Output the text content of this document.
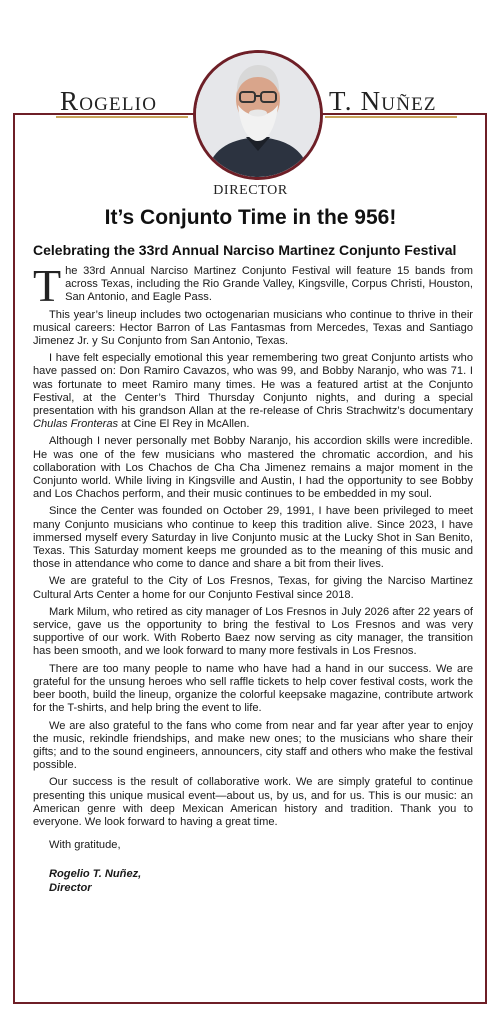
Rogelio	T. Nuñez
DIRECTOR
It’s Conjunto Time in the 956!
Celebrating the 33rd Annual Narciso Martinez Conjunto Festival

The 33rd Annual Narciso Martinez Conjunto Festival will feature 15 bands from across Texas, including the Rio Grande Valley, Kingsville, Corpus Christi, Houston, San Antonio, and Eagle Pass.

This year’s lineup includes two octogenarian musicians who continue to thrive in their musical careers: Hector Barron of Las Fantasmas from Mercedes, Texas and Santiago Jimenez Jr. y Su Conjunto from San Antonio, Texas.

I have felt especially emotional this year remembering two great Conjunto artists who have passed on: Don Ramiro Cavazos, who was 99, and Bobby Naranjo, who was 71. I was fortunate to meet Ramiro many times. He was a featured artist at the Conjunto Festival, at the Center’s Third Thursday Conjunto nights, and during a special presentation with his grandson Allan at the re-release of Chris Strachwitz’s documentary Chulas Fronteras at Cine El Rey in McAllen.

Although I never personally met Bobby Naranjo, his accordion skills were incredible. He was one of the few musicians who mastered the chromatic accordion, and his collaboration with Los Chachos de Cha Cha Jimenez remains a major moment in the Conjunto world. While living in Kingsville and Austin, I had the opportunity to see Bobby and Los Chachos perform, and their music continues to be embedded in my soul.

Since the Center was founded on October 29, 1991, I have been privileged to meet many Conjunto musicians who continue to keep this tradition alive. Since 2023, I have immersed myself every Saturday in live Conjunto music at the Lucky Shot in San Benito, Texas. This Saturday moment keeps me grounded as to the meaning of this music and those in attendance who come to dance and share a bit from their lives.

We are grateful to the City of Los Fresnos, Texas, for giving the Narciso Martinez Cultural Arts Center a home for our Conjunto Festival since 2018.

Mark Milum, who retired as city manager of Los Fresnos in July 2026 after 22 years of service, gave us the opportunity to bring the festival to Los Fresnos and was very supportive of our work. With Roberto Baez now serving as city manager, the transition has been smooth, and we look forward to many more festivals in Los Fresnos.

There are too many people to name who have had a hand in our success. We are grateful for the unsung heroes who sell raffle tickets to help cover festival costs, work the beer booth, build the lineup, organize the colorful keepsake magazine, contribute artwork for the T-shirts, and help bring the event to life.

We are also grateful to the fans who come from near and far year after year to enjoy the music, rekindle friendships, and make new ones; to the musicians who share their gifts; and to the sound engineers, announcers, city staff and others who make the festival possible.

Our success is the result of collaborative work. We are simply grateful to continue presenting this unique musical event—about us, by us, and for us. This is our music: an American genre with deep Mexican American history and tradition. Thank you to everyone. We look forward to having a great time.

With gratitude,
Rogelio T. Nuñez,
Director
